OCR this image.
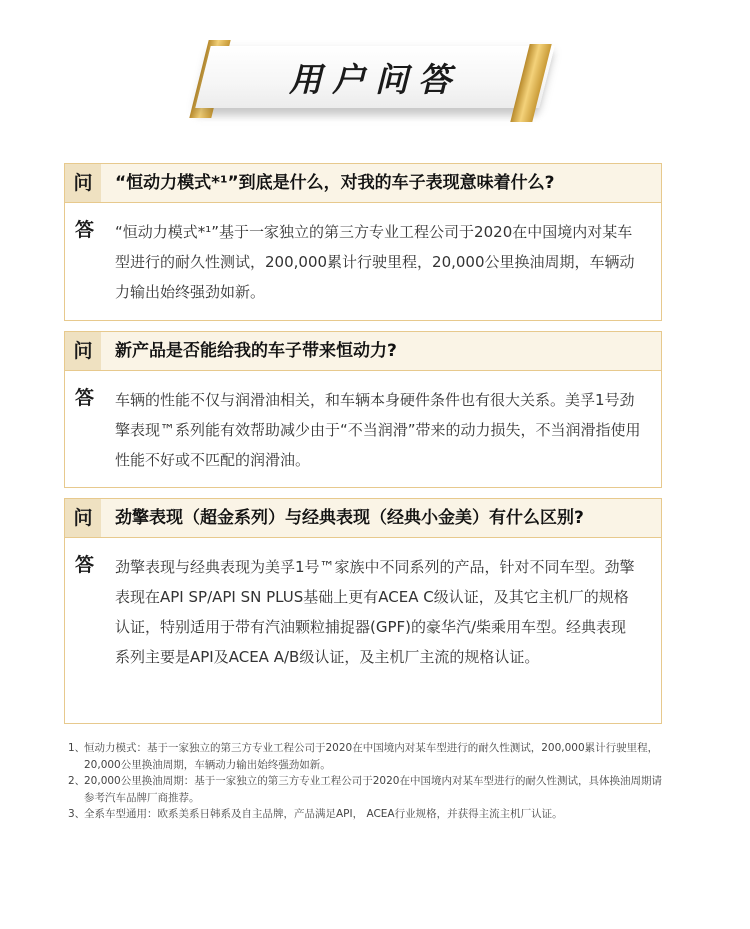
用户问答
问	“恒动力模式*¹”到底是什么，对我的车子表现意味着什么?
答 “恒动力模式*¹”基于一家独立的第三方专业工程公司于2020在中国境内对某车型进行的耐久性测试，200,000累计行驶里程，20,000公里换油周期，车辆动力输出始终强劲如新。
问	新产品是否能给我的车子带来恒动力?
答 车辆的性能不仅与润滑油相关，和车辆本身硬件条件也有很大关系。美孚1号劲擎表现™系列能有效帮助减少由于“不当润滑”带来的动力损失，不当润滑指使用性能不好或不匹配的润滑油。
问	劲擎表现（超金系列）与经典表现（经典小金美）有什么区别?
答 劲擎表现与经典表现为美孚1号™家族中不同系列的产品，针对不同车型。劲擎表现在API SP/API SN PLUS基础上更有ACEA C级认证，及其它主机厂的规格认证，特别适用于带有汽油颗粒捕捉器(GPF)的豪华汽/柴乘用车型。经典表现系列主要是API及ACEA A/B级认证，及主机厂主流的规格认证。
1、
恒动力模式：基于一家独立的第三方专业工程公司于2020在中国境内对某车型进行的耐久性测试，200,000累计行驶里程，20,000公里换油周期，车辆动力输出始终强劲如新。
2、
20,000公里换油周期：基于一家独立的第三方专业工程公司于2020在中国境内对某车型进行的耐久性测试，具体换油周期请参考汽车品牌厂商推荐。
3、
全系车型通用：欧系美系日韩系及自主品牌，产品满足API， ACEA行业规格，并获得主流主机厂认证。
